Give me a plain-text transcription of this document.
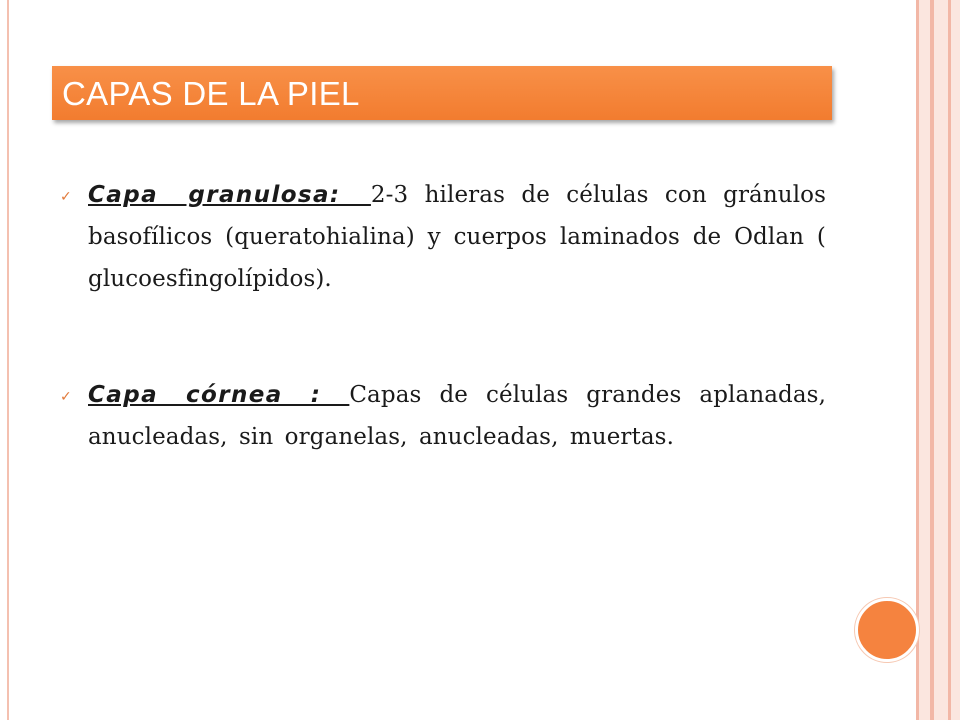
CAPAS DE LA PIEL
✓ Capa granulosa: 2-3 hileras de células con gránulos basofílicos (queratohialina) y cuerpos laminados de Odlan ( glucoesfingolípidos).
✓ Capa córnea : Capas de células grandes aplanadas, anucleadas, sin organelas, anucleadas, muertas.
